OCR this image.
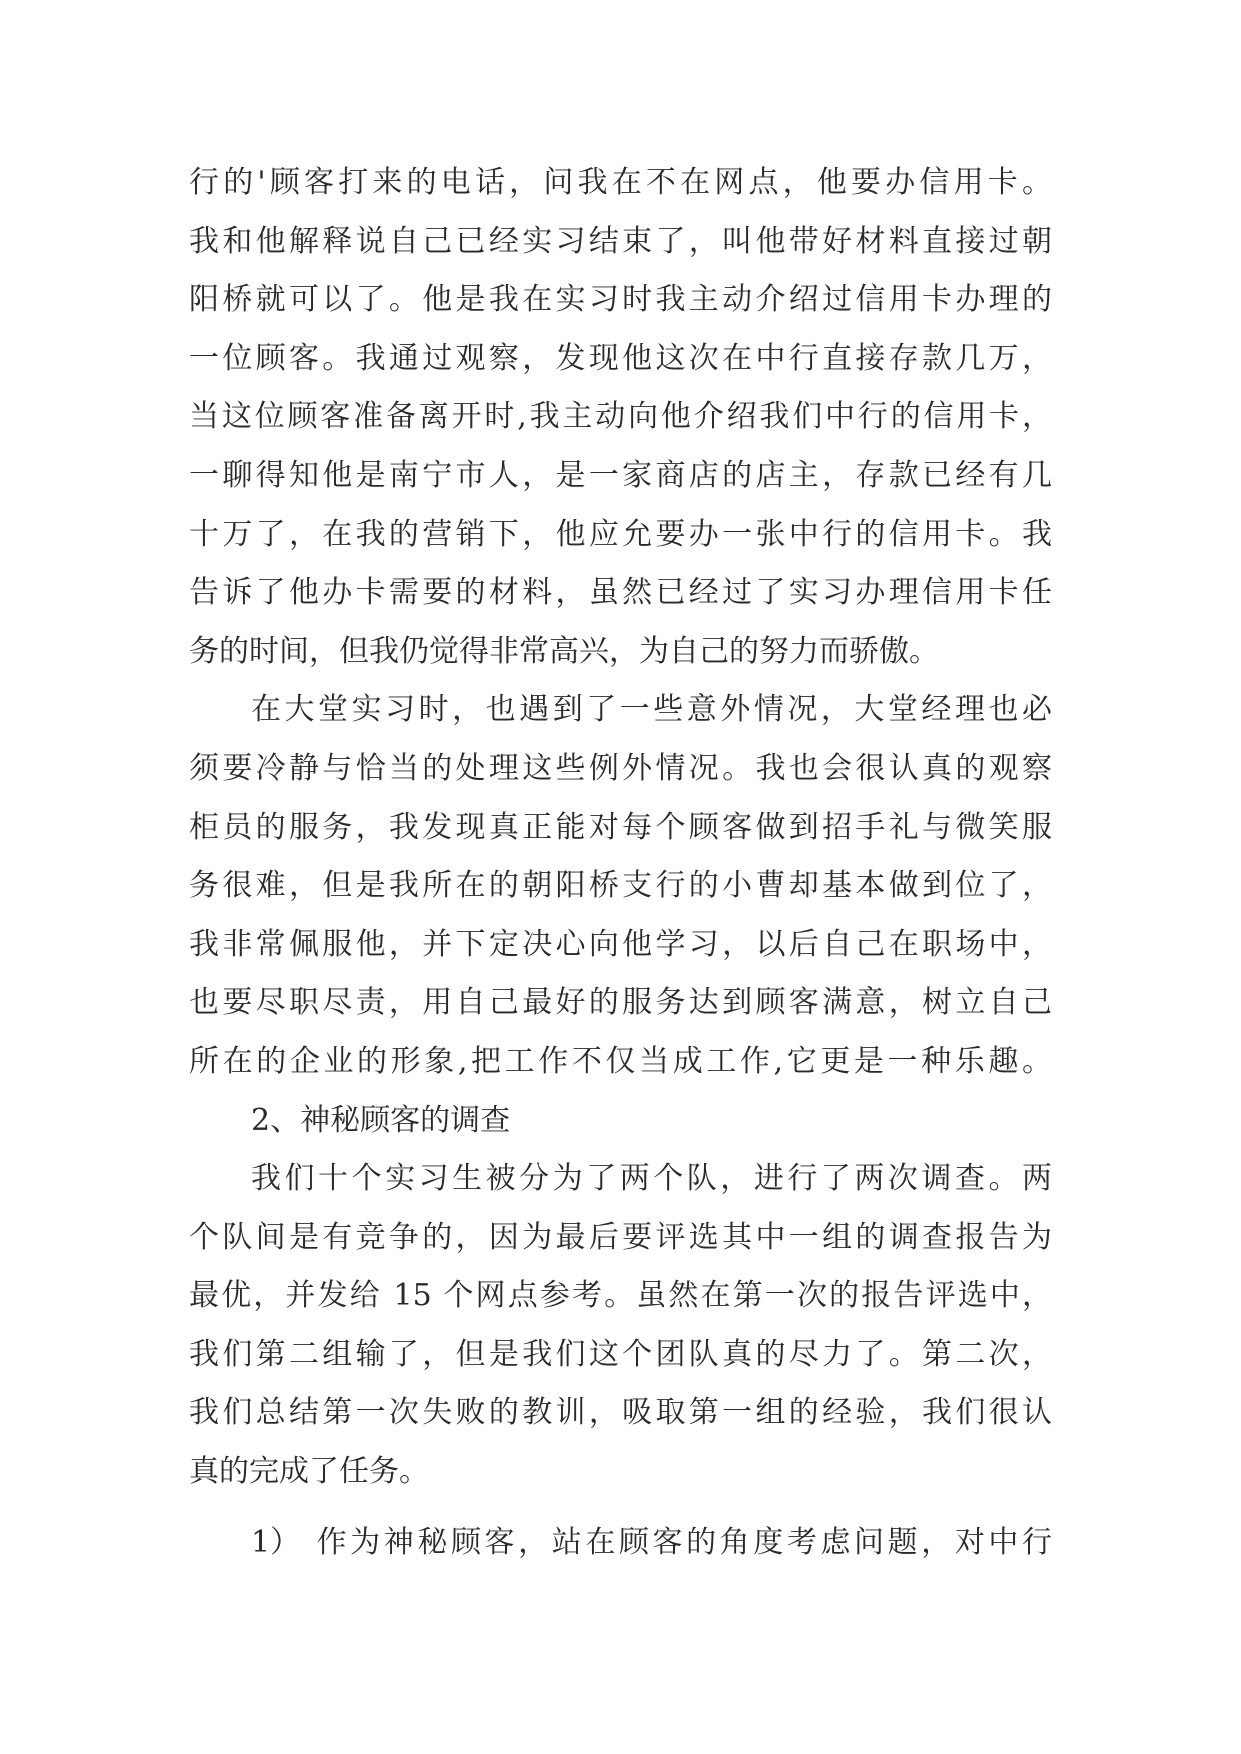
行的'顾客打来的电话，问我在不在网点，他要办信用卡。
我和他解释说自己已经实习结束了，叫他带好材料直接过朝
阳桥就可以了。他是我在实习时我主动介绍过信用卡办理的
一位顾客。我通过观察，发现他这次在中行直接存款几万，
当这位顾客准备离开时,我主动向他介绍我们中行的信用卡，
一聊得知他是南宁市人，是一家商店的店主，存款已经有几
十万了，在我的营销下，他应允要办一张中行的信用卡。我
告诉了他办卡需要的材料，虽然已经过了实习办理信用卡任
务的时间，但我仍觉得非常高兴，为自己的努力而骄傲。
在大堂实习时，也遇到了一些意外情况，大堂经理也必
须要冷静与恰当的处理这些例外情况。我也会很认真的观察
柜员的服务，我发现真正能对每个顾客做到招手礼与微笑服
务很难，但是我所在的朝阳桥支行的小曹却基本做到位了，
我非常佩服他，并下定决心向他学习，以后自己在职场中，
也要尽职尽责，用自己最好的服务达到顾客满意，树立自己
所在的企业的形象,把工作不仅当成工作,它更是一种乐趣。
2、神秘顾客的调查
我们十个实习生被分为了两个队，进行了两次调查。两
个队间是有竞争的，因为最后要评选其中一组的调查报告为
最优，并发给 15 个网点参考。虽然在第一次的报告评选中，
我们第二组输了，但是我们这个团队真的尽力了。第二次，
我们总结第一次失败的教训，吸取第一组的经验，我们很认
真的完成了任务。
1） 作为神秘顾客，站在顾客的角度考虑问题，对中行
